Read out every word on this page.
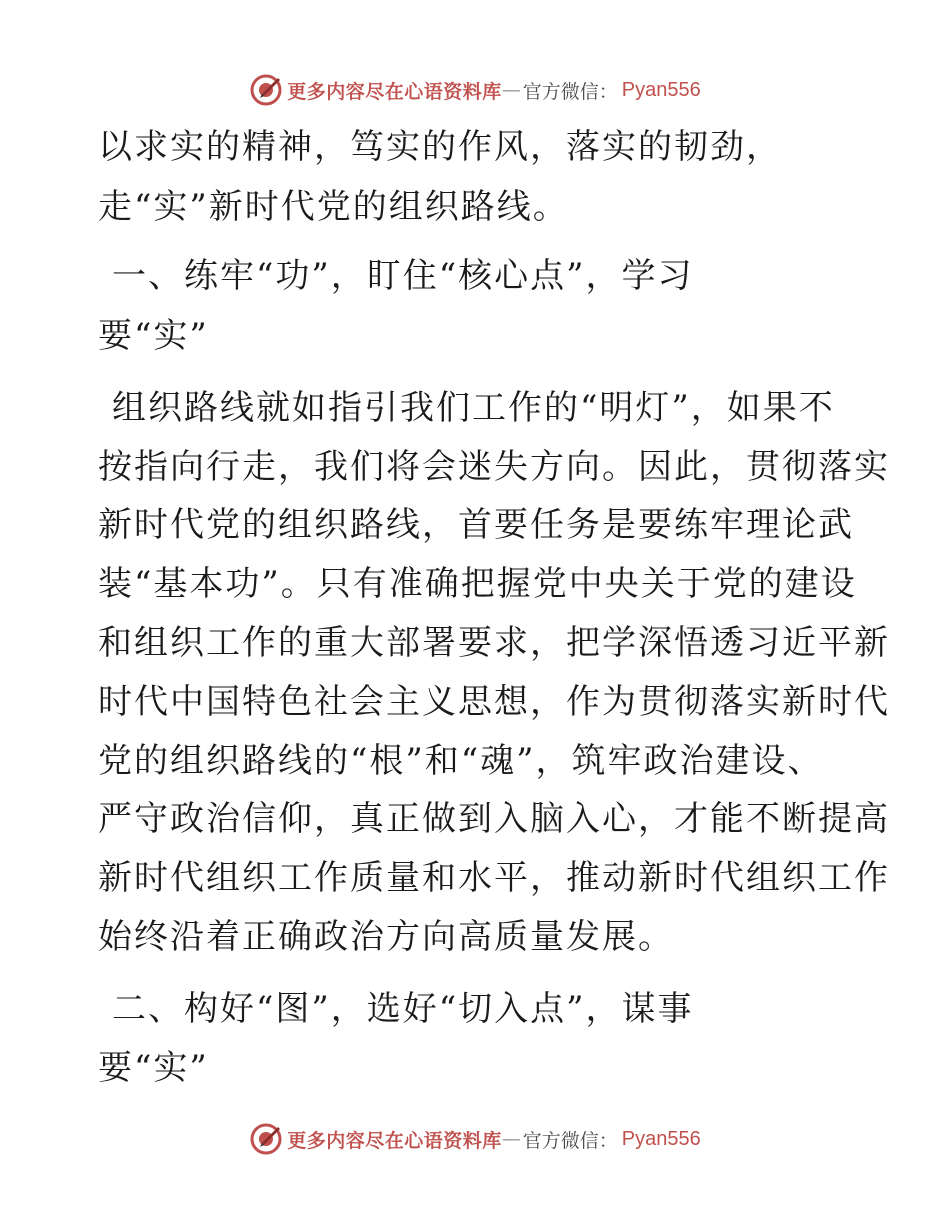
更多内容尽在心语资料库 — 官方微信： Pyan556
以求实的精神，笃实的作风，落实的韧劲，
走“实”新时代党的组织路线。
一、练牢“功”，盯住“核心点”，学习
要“实”
组织路线就如指引我们工作的“明灯”，如果不
按指向行走，我们将会迷失方向。因此，贯彻落实
新时代党的组织路线，首要任务是要练牢理论武
装“基本功”。只有准确把握党中央关于党的建设
和组织工作的重大部署要求，把学深悟透习近平新
时代中国特色社会主义思想，作为贯彻落实新时代
党的组织路线的“根”和“魂”，筑牢政治建设、
严守政治信仰，真正做到入脑入心，才能不断提高
新时代组织工作质量和水平，推动新时代组织工作
始终沿着正确政治方向高质量发展。
二、构好“图”，选好“切入点”，谋事
要“实”
更多内容尽在心语资料库 — 官方微信： Pyan556
